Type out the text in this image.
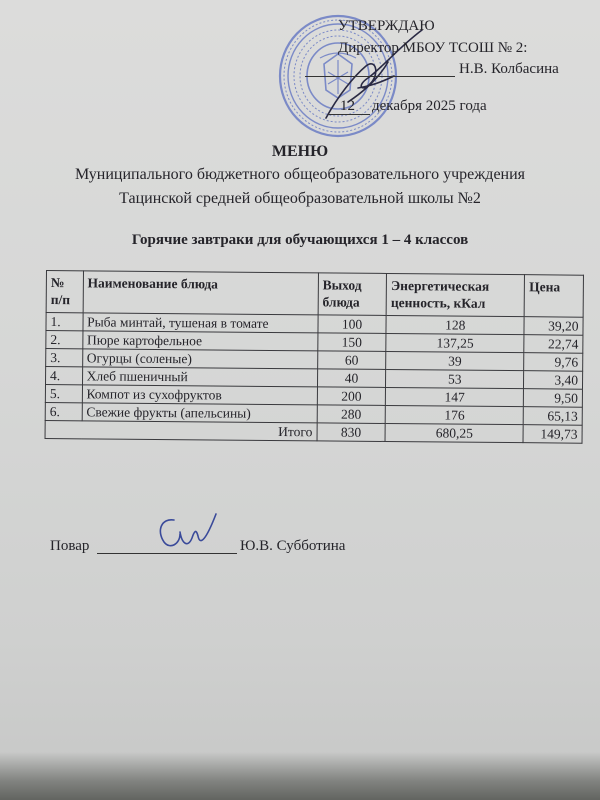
УТВЕРЖДАЮ
Директор МБОУ ТСОШ № 2:
Н.В. Колбасина
12 декабря 2025 года
МЕНЮ
Муниципального бюджетного общеобразовательного учреждения
Тацинской средней общеобразовательной школы №2
Горячие завтраки для обучающихся 1 – 4 классов
№ п/п	Наименование блюда	Выход блюда	Энергетическая ценность, кКал	Цена
1.	Рыба минтай, тушеная в томате	100	128	39,20
2.	Пюре картофельное	150	137,25	22,74
3.	Огурцы (соленые)	60	39	9,76
4.	Хлеб пшеничный	40	53	3,40
5.	Компот из сухофруктов	200	147	9,50
6.	Свежие фрукты (апельсины)	280	176	65,13
Итого		830	680,25	149,73
Повар	Ю.В. Субботина
